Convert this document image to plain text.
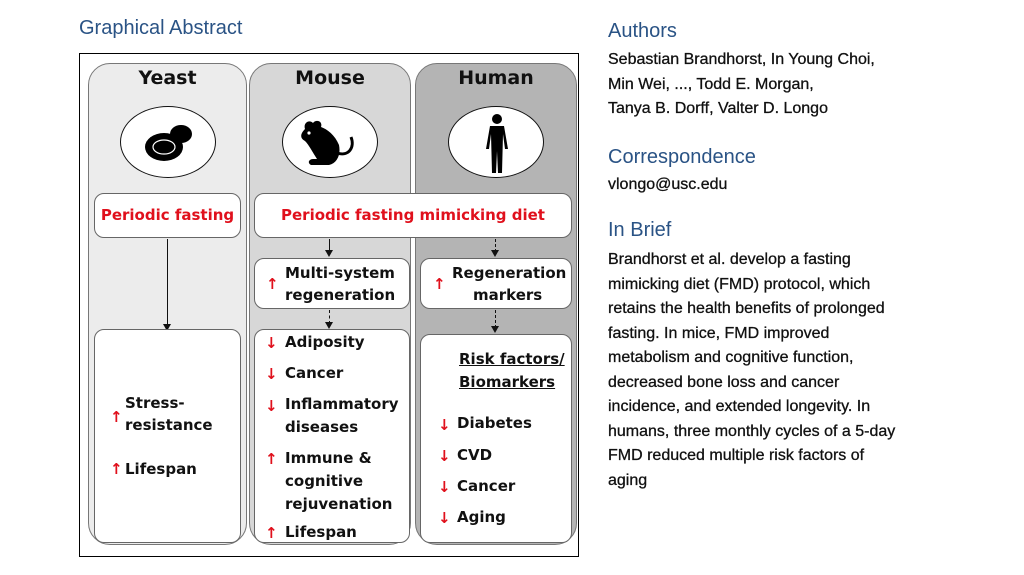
Graphical Abstract
Yeast	Mouse	Human
Periodic fasting	Periodic fasting mimicking diet
↑
Multi-system
regeneration
↑
Regeneration
markers
↑
Stress-
resistance
↑ Lifespan
↓ Adiposity
↓ Cancer
↓ Inflammatory
diseases
↑ Immune &
cognitive
rejuvenation
↑ Lifespan
Risk factors/
Biomarkers
↓ Diabetes
↓ CVD
↓ Cancer
↓ Aging
Authors
Sebastian Brandhorst, In Young Choi,
Min Wei, ..., Todd E. Morgan,
Tanya B. Dorff, Valter D. Longo
Correspondence
vlongo@usc.edu
In Brief
Brandhorst et al. develop a fasting
mimicking diet (FMD) protocol, which
retains the health benefits of prolonged
fasting. In mice, FMD improved
metabolism and cognitive function,
decreased bone loss and cancer
incidence, and extended longevity. In
humans, three monthly cycles of a 5-day
FMD reduced multiple risk factors of
aging
